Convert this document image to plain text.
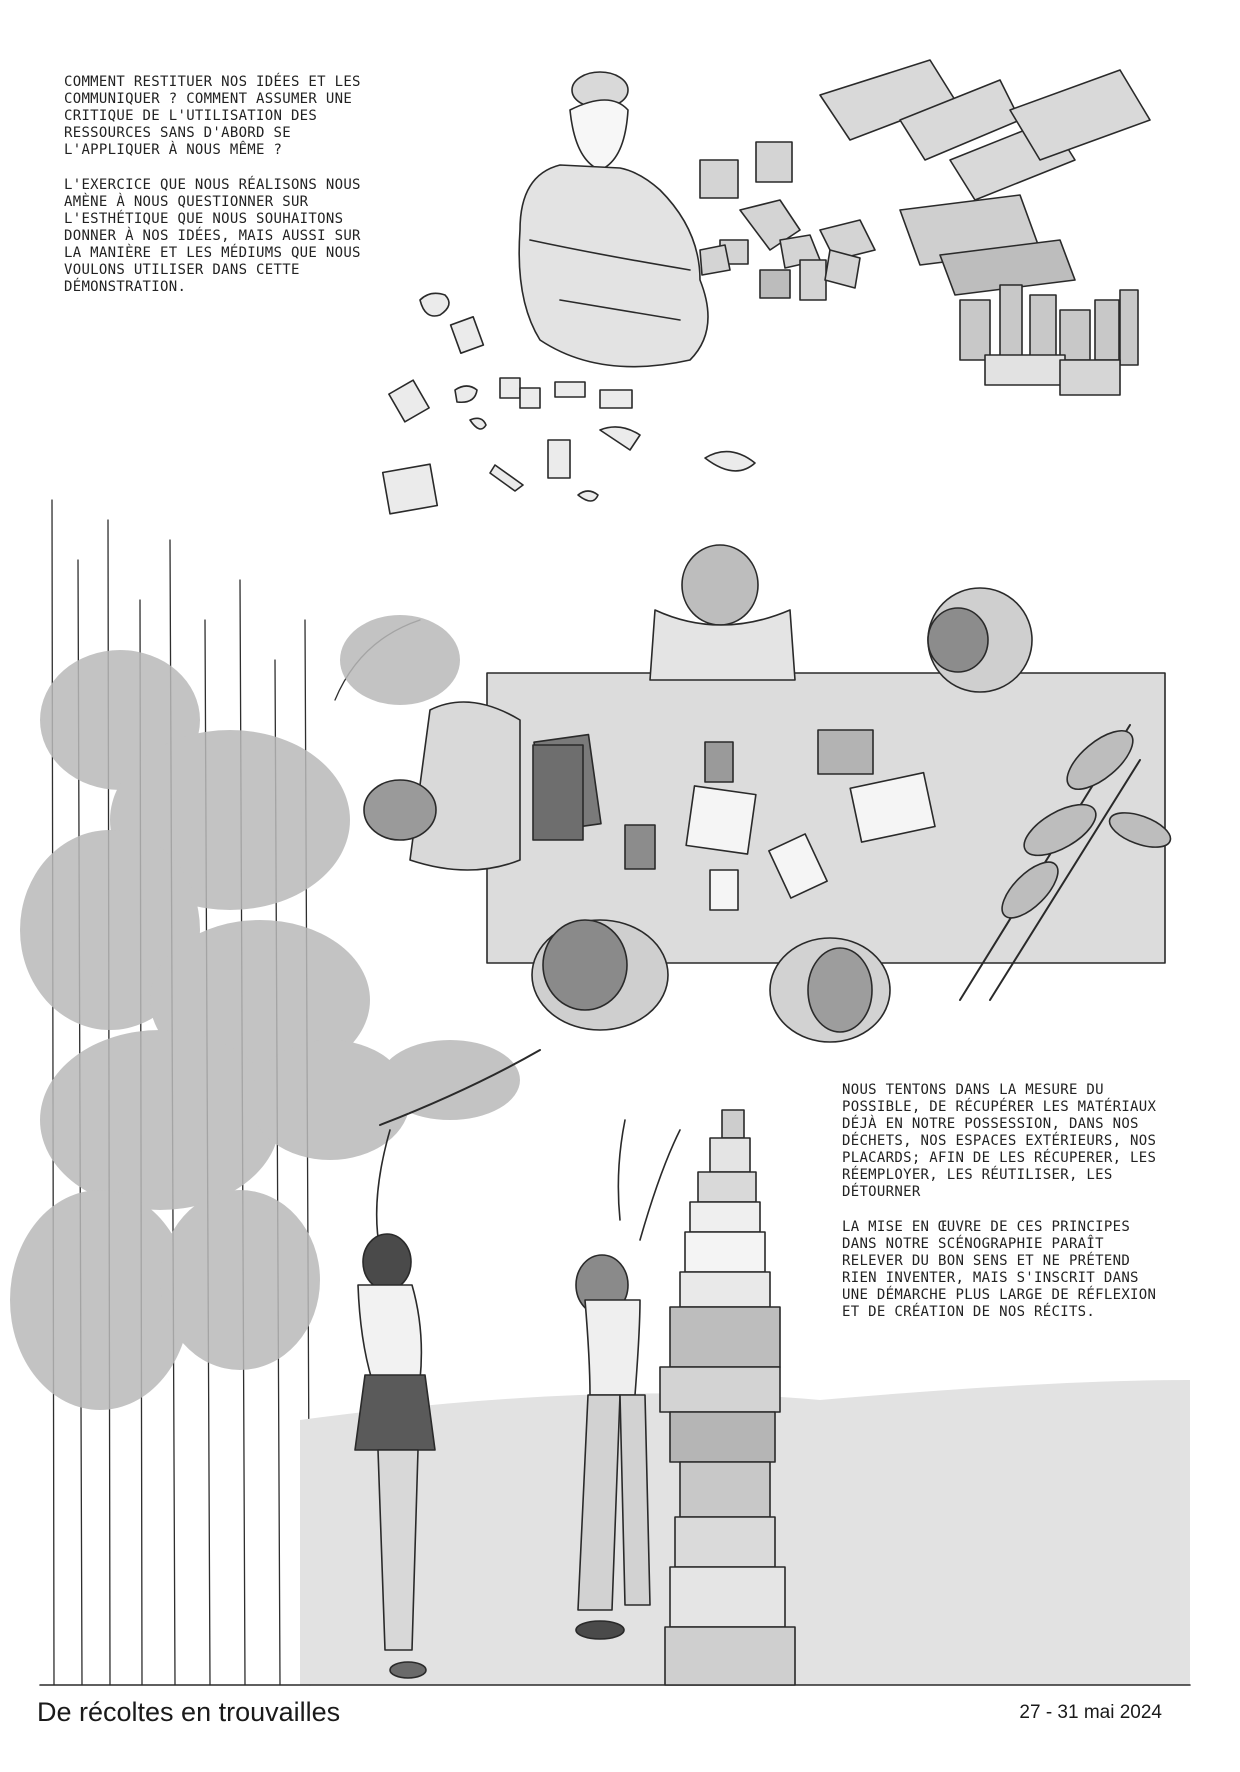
COMMENT RESTITUER NOS IDÉES ET LES COMMUNIQUER ? COMMENT ASSUMER UNE CRITIQUE DE L'UTILISATION DES RESSOURCES SANS D'ABORD SE L'APPLIQUER À NOUS MÊME ?

L'EXERCICE QUE NOUS RÉALISONS NOUS AMÈNE À NOUS QUESTIONNER SUR L'ESTHÉTIQUE QUE NOUS SOUHAITONS DONNER À NOS IDÉES, MAIS AUSSI SUR LA MANIÈRE ET LES MÉDIUMS QUE NOUS VOULONS UTILISER DANS CETTE DÉMONSTRATION.

NOUS TENTONS DANS LA MESURE DU POSSIBLE, DE RÉCUPÉRER LES MATÉRIAUX DÉJÀ EN NOTRE POSSESSION, DANS NOS DÉCHETS, NOS ESPACES EXTÉRIEURS, NOS PLACARDS; AFIN DE LES RÉCUPERER, LES RÉEMPLOYER, LES RÉUTILISER, LES DÉTOURNER

LA MISE EN ŒUVRE DE CES PRINCIPES DANS NOTRE SCÉNOGRAPHIE PARAÎT RELEVER DU BON SENS ET NE PRÉTEND RIEN INVENTER, MAIS S'INSCRIT DANS UNE DÉMARCHE PLUS LARGE DE RÉFLEXION ET DE CRÉATION DE NOS RÉCITS.

De récoltes en trouvailles	27 - 31 mai 2024
